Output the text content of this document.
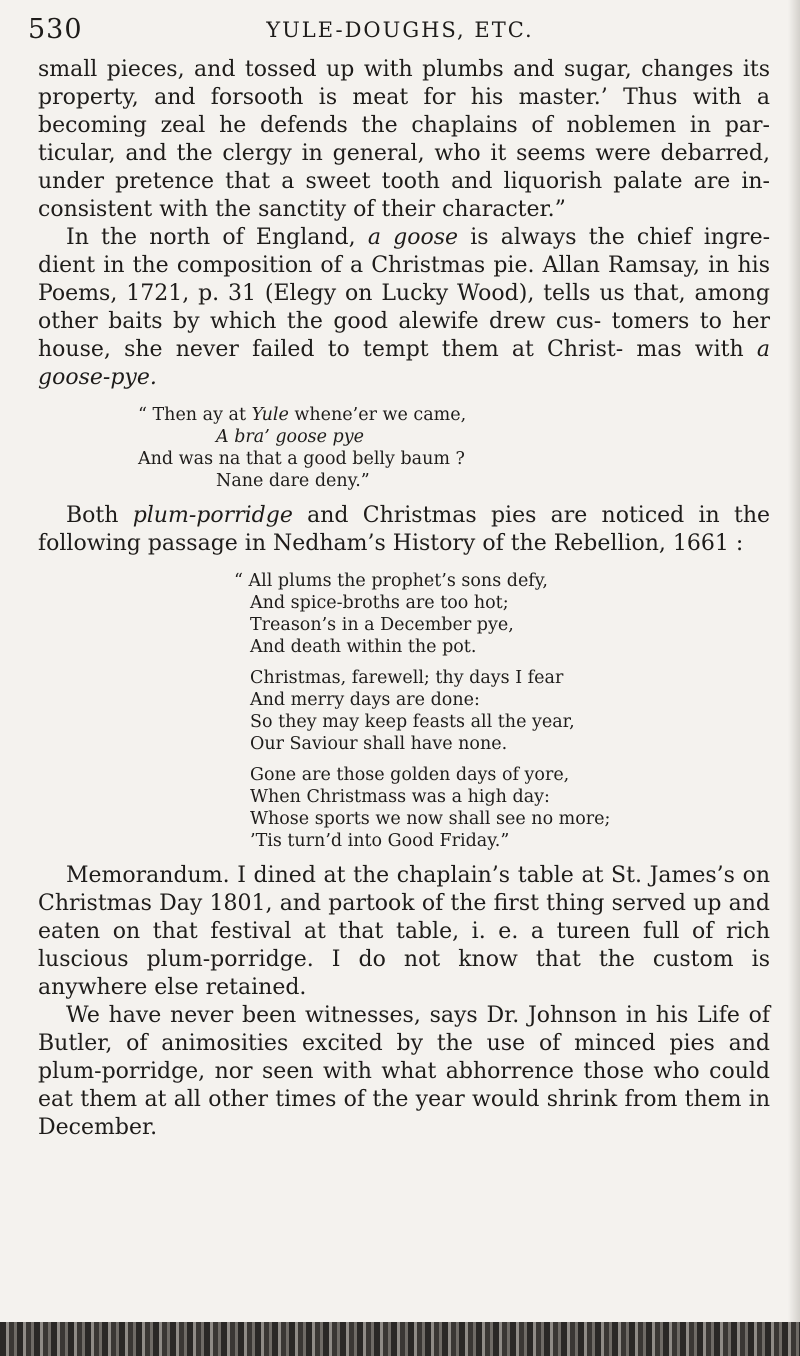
530	YULE-DOUGHS, ETC.

small pieces, and tossed up with plumbs and sugar, changes its property, and forsooth is meat for his master.’ Thus with a becoming zeal he defends the chaplains of noblemen in par- ticular, and the clergy in general, who it seems were debarred, under pretence that a sweet tooth and liquorish palate are in- consistent with the sanctity of their character.”

In the north of England, a goose is always the chief ingre- dient in the composition of a Christmas pie. Allan Ramsay, in his Poems, 1721, p. 31 (Elegy on Lucky Wood), tells us that, among other baits by which the good alewife drew cus- tomers to her house, she never failed to tempt them at Christ- mas with a goose-pye.

“ Then ay at Yule whene’er we came,
A bra’ goose pye
And was na that a good belly baum ?
Nane dare deny.”

Both plum-porridge and Christmas pies are noticed in the following passage in Nedham’s History of the Rebellion, 1661 :

“ All plums the prophet’s sons defy,
And spice-broths are too hot;
Treason’s in a December pye,
And death within the pot.
Christmas, farewell; thy days I fear
And merry days are done:
So they may keep feasts all the year,
Our Saviour shall have none.
Gone are those golden days of yore,
When Christmass was a high day:
Whose sports we now shall see no more;
’Tis turn’d into Good Friday.”

Memorandum. I dined at the chaplain’s table at St. James’s on Christmas Day 1801, and partook of the first thing served up and eaten on that festival at that table, i. e. a tureen full of rich luscious plum-porridge. I do not know that the custom is anywhere else retained.

We have never been witnesses, says Dr. Johnson in his Life of Butler, of animosities excited by the use of minced pies and plum-porridge, nor seen with what abhorrence those who could eat them at all other times of the year would shrink from them in December.
